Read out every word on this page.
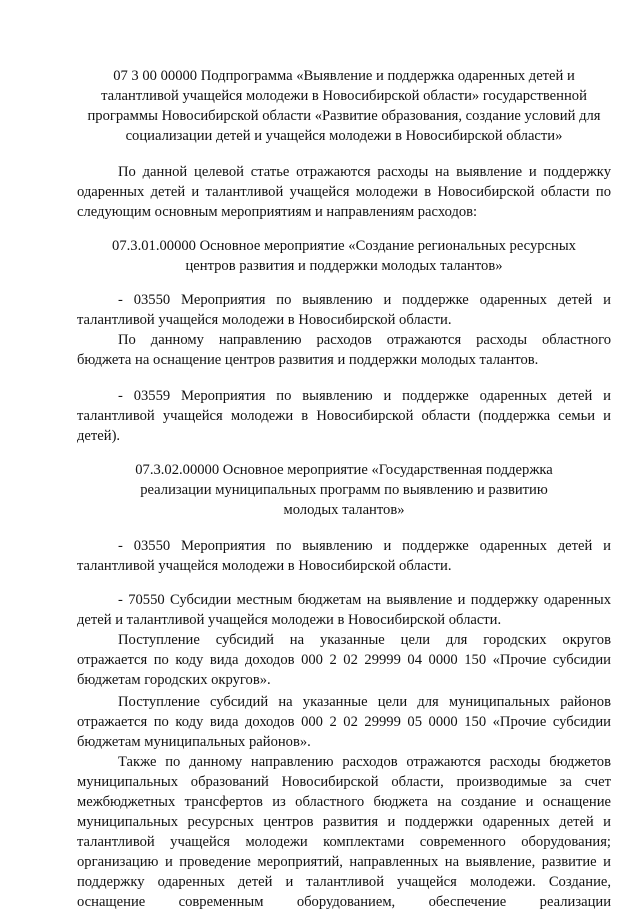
07 3 00 00000 Подпрограмма «Выявление и поддержка одаренных детей и
талантливой учащейся молодежи в Новосибирской области» государственной
программы Новосибирской области «Развитие образования, создание условий для
социализации детей и учащейся молодежи в Новосибирской области»
По данной целевой статье отражаются расходы на выявление и поддержку
одаренных детей и талантливой учащейся молодежи в Новосибирской области по
следующим основным мероприятиям и направлениям расходов:
07.3.01.00000 Основное мероприятие «Создание региональных ресурсных
центров развития и поддержки молодых талантов»
- 03550 Мероприятия по выявлению и поддержке одаренных детей и
талантливой учащейся молодежи в Новосибирской области.
По данному направлению расходов отражаются расходы областного
бюджета на оснащение центров развития и поддержки молодых талантов.
- 03559 Мероприятия по выявлению и поддержке одаренных детей и
талантливой учащейся молодежи в Новосибирской области (поддержка семьи и
детей).
07.3.02.00000 Основное мероприятие «Государственная поддержка
реализации муниципальных программ по выявлению и развитию
молодых талантов»
- 03550 Мероприятия по выявлению и поддержке одаренных детей и
талантливой учащейся молодежи в Новосибирской области.
- 70550 Субсидии местным бюджетам на выявление и поддержку одаренных
детей и талантливой учащейся молодежи в Новосибирской области.
Поступление субсидий на указанные цели для городских округов
отражается по коду вида доходов 000 2 02 29999 04 0000 150 «Прочие субсидии
бюджетам городских округов».
Поступление субсидий на указанные цели для муниципальных районов
отражается по коду вида доходов 000 2 02 29999 05 0000 150 «Прочие субсидии
бюджетам муниципальных районов».
Также по данному направлению расходов отражаются расходы бюджетов
муниципальных образований Новосибирской области, производимые за счет
межбюджетных трансфертов из областного бюджета на создание и оснащение
муниципальных ресурсных центров развития и поддержки одаренных детей и
талантливой учащейся молодежи комплектами современного оборудования;
организацию и проведение мероприятий, направленных на выявление, развитие и
поддержку одаренных детей и талантливой учащейся молодежи. Создание,
оснащение современным оборудованием, обеспечение реализации
